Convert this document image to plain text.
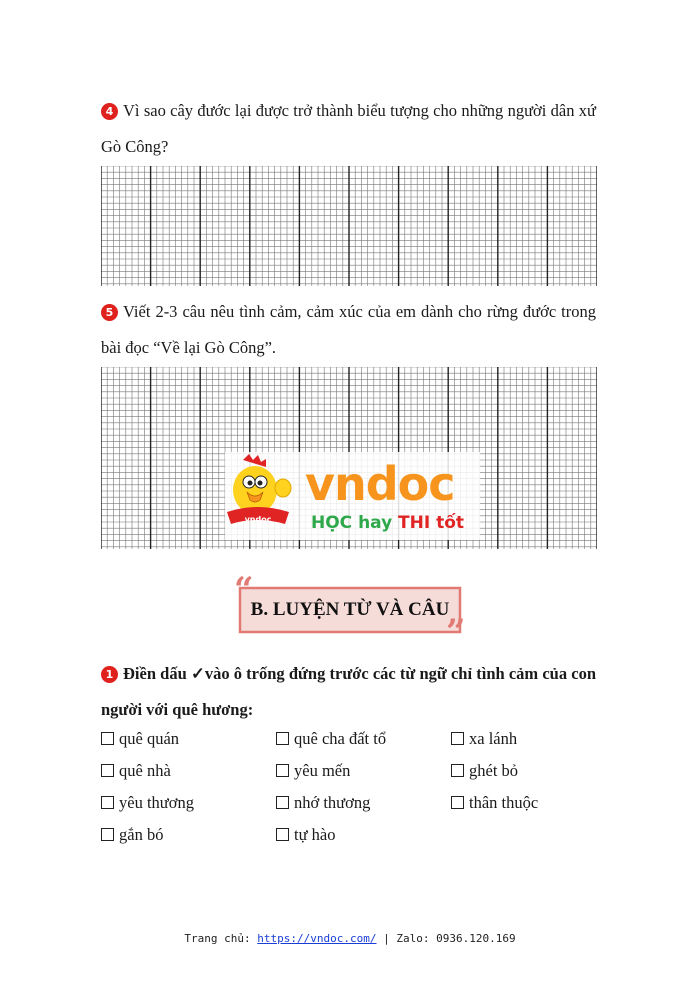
4 Vì sao cây đước lại được trở thành biểu tượng cho những người dân xứ Gò Công?
5 Viết 2-3 câu nêu tình cảm, cảm xúc của em dành cho rừng đước trong bài đọc “Về lại Gò Công”.
vndoc
vndoc
HỌC hay THI tốt
“
”
B. LUYỆN TỪ VÀ CÂU
1 Điền dấu ✓vào ô trống đứng trước các từ ngữ chỉ tình cảm của con người với quê hương:
quê quán	quê cha đất tổ	xa lánh
quê nhà	yêu mến	ghét bỏ
yêu thương	nhớ thương	thân thuộc
gắn bó	tự hào
Trang chủ: https://vndoc.com/ | Zalo: 0936.120.169
